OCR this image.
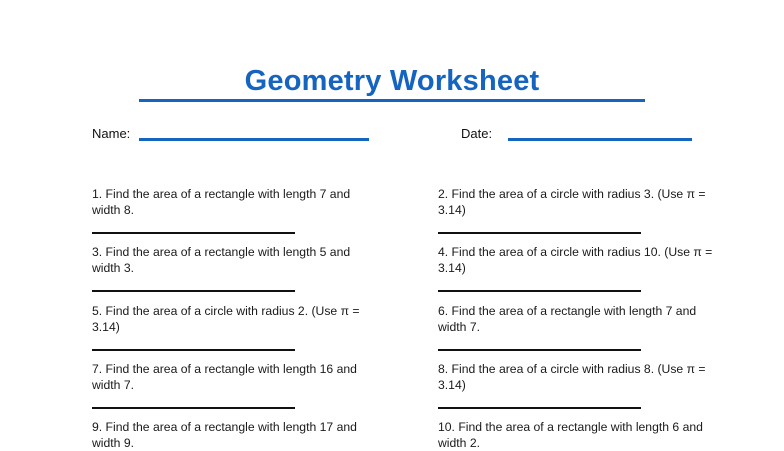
Geometry Worksheet
Name:	Date:
1. Find the area of a rectangle with length 7 and width 8.
2. Find the area of a circle with radius 3. (Use π = 3.14)
3. Find the area of a rectangle with length 5 and width 3.
4. Find the area of a circle with radius 10. (Use π = 3.14)
5. Find the area of a circle with radius 2. (Use π = 3.14)
6. Find the area of a rectangle with length 7 and width 7.
7. Find the area of a rectangle with length 16 and width 7.
8. Find the area of a circle with radius 8. (Use π = 3.14)
9. Find the area of a rectangle with length 17 and width 9.
10. Find the area of a rectangle with length 6 and width 2.
